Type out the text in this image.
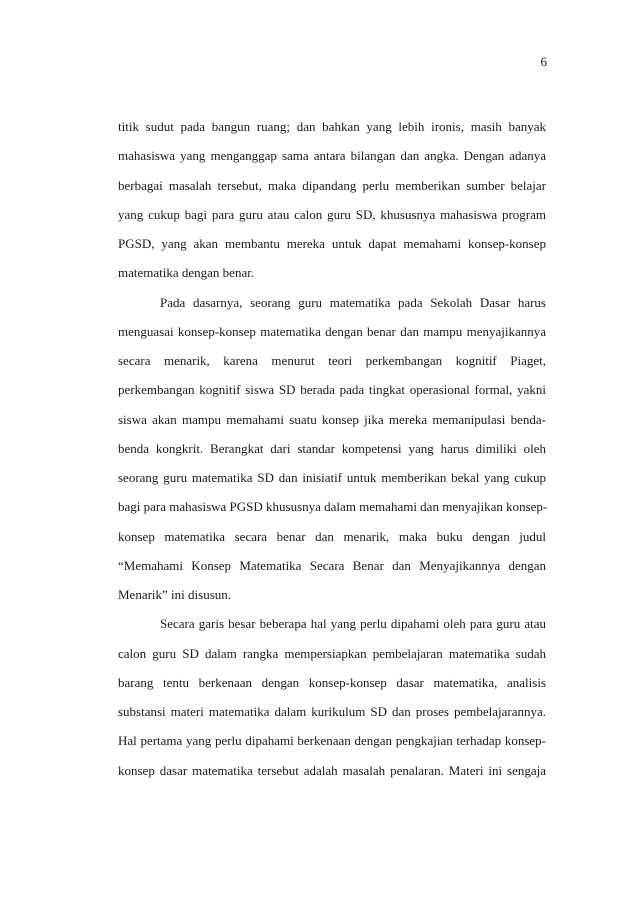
6
titik sudut pada bangun ruang; dan bahkan yang lebih ironis, masih banyak
mahasiswa yang menganggap sama antara bilangan dan angka. Dengan adanya
berbagai masalah tersebut, maka dipandang perlu memberikan sumber belajar
yang cukup bagi para guru atau calon guru SD, khususnya mahasiswa program
PGSD, yang akan membantu mereka untuk dapat memahami konsep-konsep
matematika dengan benar.
Pada dasarnya, seorang guru matematika pada Sekolah Dasar harus
menguasai konsep-konsep matematika dengan benar dan mampu menyajikannya
secara menarik, karena menurut teori perkembangan kognitif Piaget,
perkembangan kognitif siswa SD berada pada tingkat operasional formal, yakni
siswa akan mampu memahami suatu konsep jika mereka memanipulasi benda-
benda kongkrit. Berangkat dari standar kompetensi yang harus dimiliki oleh
seorang guru matematika SD dan inisiatif untuk memberikan bekal yang cukup
bagi para mahasiswa PGSD khususnya dalam memahami dan menyajikan konsep-
konsep matematika secara benar dan menarik, maka buku dengan judul
“Memahami Konsep Matematika Secara Benar dan Menyajikannya dengan
Menarik” ini disusun.
Secara garis besar beberapa hal yang perlu dipahami oleh para guru atau
calon guru SD dalam rangka mempersiapkan pembelajaran matematika sudah
barang tentu berkenaan dengan konsep-konsep dasar matematika, analisis
substansi materi matematika dalam kurikulum SD dan proses pembelajarannya.
Hal pertama yang perlu dipahami berkenaan dengan pengkajian terhadap konsep-
konsep dasar matematika tersebut adalah masalah penalaran. Materi ini sengaja
